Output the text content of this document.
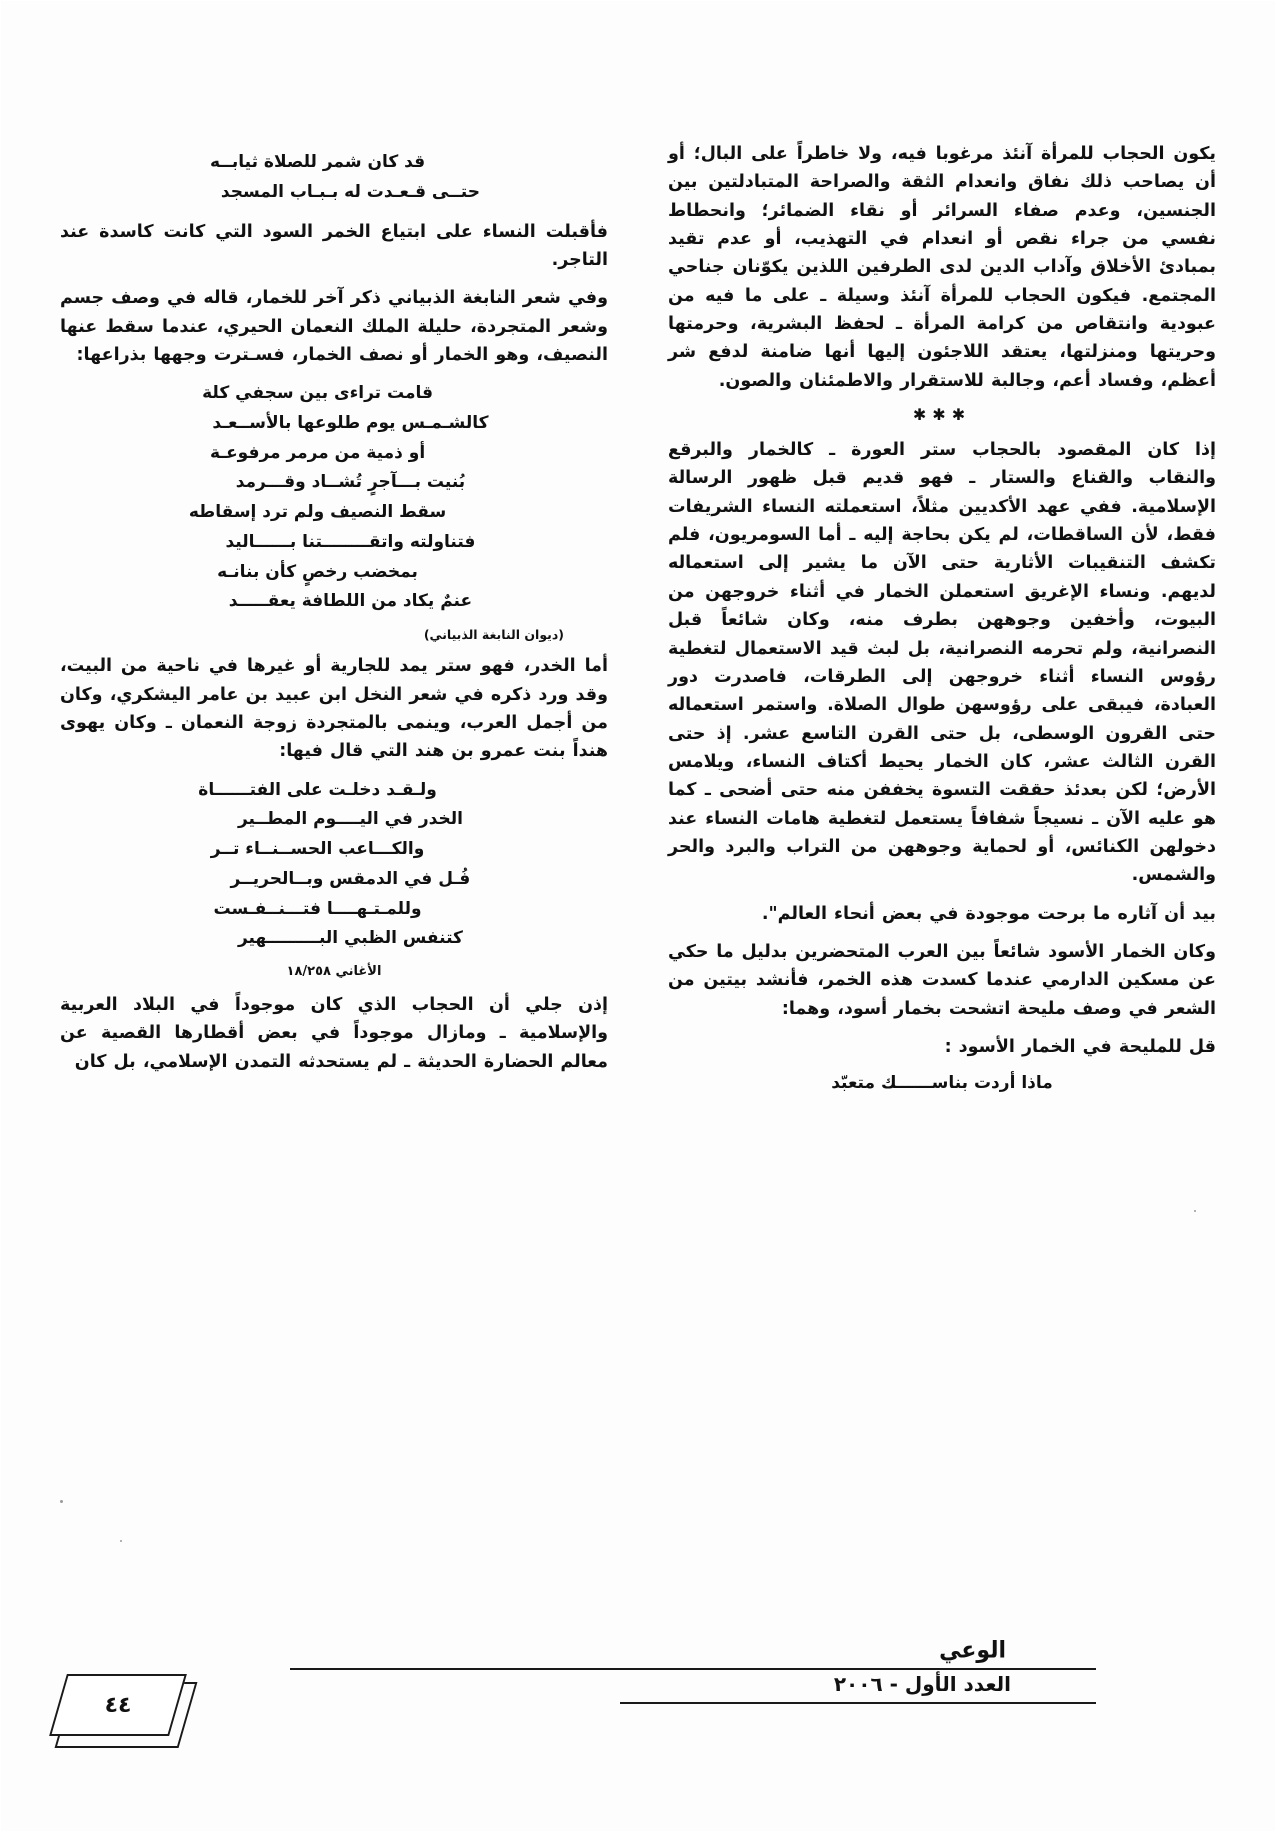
يكون الحجاب للمرأة آنئذ مرغوبا فيه، ولا خاطراً على البال؛ أو أن يصاحب ذلك نفاق وانعدام الثقة والصراحة المتبادلتين بين الجنسين، وعدم صفاء السرائر أو نقاء الضمائر؛ وانحطاط نفسي من جراء نقص أو انعدام في التهذيب، أو عدم تقيد بمبادئ الأخلاق وآداب الدين لدى الطرفين اللذين يكوّنان جناحي المجتمع. فيكون الحجاب للمرأة آنئذ وسيلة ـ على ما فيه من عبودية وانتقاص من كرامة المرأة ـ لحفظ البشرية، وحرمتها وحريتها ومنزلتها، يعتقد اللاجئون إليها أنها ضامنة لدفع شر أعظم، وفساد أعم، وجالبة للاستقرار والاطمئنان والصون.

✱✱✱

إذا كان المقصود بالحجاب ستر العورة ـ كالخمار والبرقع والنقاب والقناع والستار ـ فهو قديم قبل ظهور الرسالة الإسلامية. ففي عهد الأكديين مثلاً، استعملته النساء الشريفات فقط، لأن الساقطات، لم يكن بحاجة إليه ـ أما السومريون، فلم تكشف التنقيبات الأثارية حتى الآن ما يشير إلى استعماله لديهم. ونساء الإغريق استعملن الخمار في أثناء خروجهن من البيوت، وأخفين وجوههن بطرف منه، وكان شائعاً قبل النصرانية، ولم تحرمه النصرانية، بل لبث قيد الاستعمال لتغطية رؤوس النساء أثناء خروجهن إلى الطرقات، فاصدرت دور العبادة، فيبقى على رؤوسهن طوال الصلاة. واستمر استعماله حتى القرون الوسطى، بل حتى القرن التاسع عشر. إذ حتى القرن الثالث عشر، كان الخمار يحيط أكتاف النساء، ويلامس الأرض؛ لكن بعدئذ حققت التسوة يخففن منه حتى أضحى ـ كما هو عليه الآن ـ نسيجاً شفافاً يستعمل لتغطية هامات النساء عند دخولهن الكنائس، أو لحماية وجوههن من التراب والبرد والحر والشمس.

بيد أن آثاره ما برحت موجودة في بعض أنحاء العالم".

وكان الخمار الأسود شائعاً بين العرب المتحضرين بدليل ما حكي عن مسكين الدارمي عندما كسدت هذه الخمر، فأنشد بيتين من الشعر في وصف مليحة اتشحت بخمار أسود، وهما:

قل للمليحة في الخمار الأسود :

ماذا أردت بناســــــك متعبّد
قد كان شمر للصلاة ثيابــه
حتــى قـعـدت له بـبـاب المسجد

فأقبلت النساء على ابتياع الخمر السود التي كانت كاسدة عند التاجر.

وفي شعر النابغة الذبياني ذكر آخر للخمار، قاله في وصف جسم وشعر المتجردة، حليلة الملك النعمان الحيري، عندما سقط عنها النصيف، وهو الخمار أو نصف الخمار، فسـترت وجهها بذراعها:

قامت تراءى بين سجفي كلة
كالشـمـس يوم طلوعها بالأســعـد
أو ذمية من مرمر مرفوعـة
بُنيت بـــآجرٍ تُشــاد وقـــرمد
سقط النصيف ولم ترد إسقاطه
فتناولته واتقــــــــتنا بــــــاليد
بمخضب رخصٍ كأن بنانـه
عنمٌ يكاد من اللطافة يعقـــــد
(ديوان النابغة الذبياني)

أما الخدر، فهو ستر يمد للجارية أو غيرها في ناحية من البيت، وقد ورد ذكره في شعر النخل ابن عبيد بن عامر اليشكري، وكان من أجمل العرب، وينمى بالمتجردة زوجة النعمان ـ وكان يهوى هنداً بنت عمرو بن هند التي قال فيها:

ولـقـد دخلـت على الفتــــــاة
الخدر في اليــــوم المطــير
والكـــاعب الحســنــاء تــر
فُـل في الدمقس وبــالحريــر
وللمـتـهــــا فتـــنــفـست
كتنفس الظبي البـــــــــهير
الأغاني ١٨/٢٥٨

إذن جلي أن الحجاب الذي كان موجوداً في البلاد العربية والإسلامية ـ ومازال موجوداً في بعض أقطارها القصية عن معالم الحضارة الحديثة ـ لم يستحدثه التمدن الإسلامي، بل كان

الوعي
العدد الأول - ٢٠٠٦
٤٤
